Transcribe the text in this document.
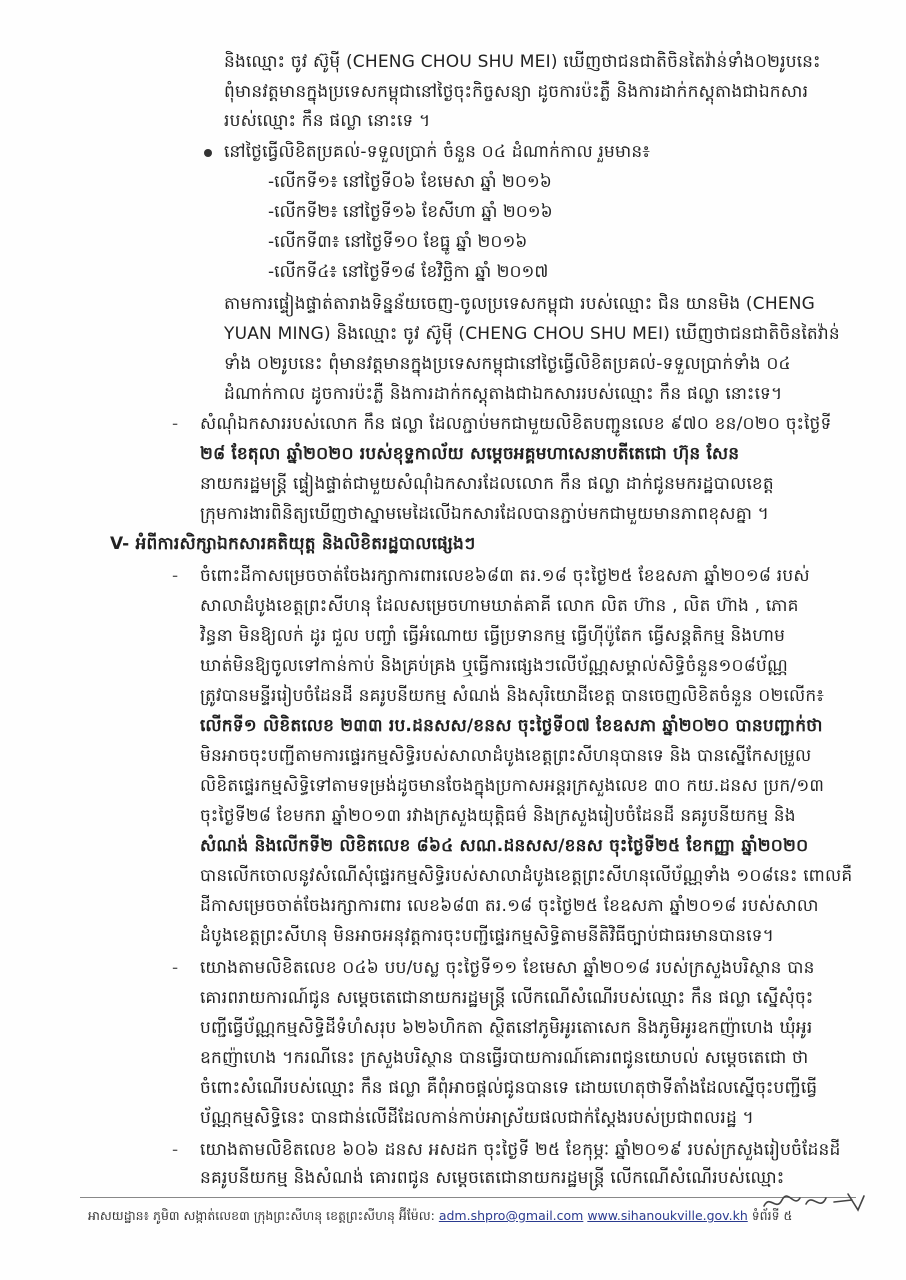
និងឈ្មោះ ចូវ ស៊ូម៉ី (CHENG CHOU SHU MEI) ឃើញថាជនជាតិចិនតៃវ៉ាន់ទាំង០២រូបនេះ
ពុំមានវត្តមានក្នុងប្រទេសកម្ពុជានៅថ្ងៃចុះកិច្ចសន្យា ដូចការប៉ះភ្លឺ និងការដាក់កស្តុតាងជាឯកសារ
របស់ឈ្មោះ កឹន ផល្លា នោះទេ ។
នៅថ្ងៃធ្វើលិខិតប្រគល់-ទទួលប្រាក់ ចំនួន ០៤ ដំណាក់កាល រួមមាន៖
-លើកទី១៖ នៅថ្ងៃទី០៦ ខែមេសា ឆ្នាំ ២០១៦
-លើកទី២៖ នៅថ្ងៃទី១៦ ខែសីហា ឆ្នាំ ២០១៦
-លើកទី៣៖ នៅថ្ងៃទី១០ ខែធ្នូ ឆ្នាំ ២០១៦
-លើកទី៤៖ នៅថ្ងៃទី១៨ ខែវិច្ឆិកា ឆ្នាំ ២០១៧
តាមការផ្ទៀងផ្ទាត់តារាងទិន្នន័យចេញ-ចូលប្រទេសកម្ពុជា របស់ឈ្មោះ ជិន យានមិង (CHENG
YUAN MING) និងឈ្មោះ ចូវ ស៊ូម៉ី (CHENG CHOU SHU MEI) ឃើញថាជនជាតិចិនតៃវ៉ាន់
ទាំង ០២រូបនេះ ពុំមានវត្តមានក្នុងប្រទេសកម្ពុជានៅថ្ងៃធ្វើលិខិតប្រគល់-ទទួលប្រាក់ទាំង ០៤
ដំណាក់កាល ដូចការប៉ះភ្លឺ និងការដាក់កស្តុតាងជាឯកសាររបស់ឈ្មោះ កឹន ផល្លា នោះទេ។
- សំណុំឯកសាររបស់លោក កឹន ផល្លា ដែលភ្ជាប់មកជាមួយលិខិតបញ្ជូនលេខ ៩៧០ ខន/០២០ ចុះថ្ងៃទី
២៨ ខែតុលា ឆ្នាំ២០២០ របស់ខុទ្ទកាល័យ សម្តេចអគ្គមហាសេនាបតីតេជោ ហ៊ុន សែន
នាយករដ្ឋមន្ត្រី ផ្ទៀងផ្ទាត់ជាមួយសំណុំឯកសារដែលលោក កឹន ផល្លា ដាក់ជូនមករដ្ឋបាលខេត្ត
ក្រុមការងារពិនិត្យឃើញថាស្នាមមេដៃលើឯកសារដែលបានភ្ជាប់មកជាមួយមានភាពខុសគ្នា ។
V- អំពីការសិក្សាឯកសារគតិយុត្ត និងលិខិតរដ្ឋបាលផ្សេងៗ
- ចំពោះដីកាសម្រេចចាត់ចែងរក្សាការពារលេខ៦៨៣ តរ.១៨ ចុះថ្ងៃ២៥ ខែឧសភា ឆ្នាំ២០១៨ របស់
សាលាដំបូងខេត្តព្រះសីហនុ ដែលសម្រេចហាមឃាត់គាគី លោក លិត ហ៊ាន , លិត ហ៊ាង , ភោគ
វិន្ធនា មិនឱ្យលក់ ដូរ ជួល បញ្ចាំ ធ្វើអំណោយ ធ្វើប្រទានកម្ម ធ្វើហ៊ីប៉ូតែក ធ្វើសន្តតិកម្ម និងហាម
ឃាត់មិនឱ្យចូលទៅកាន់កាប់ និងគ្រប់គ្រង ឬធ្វើការផ្សេងៗលើប័ណ្ណសម្គាល់សិទ្ធិចំនួន១០៨ប័ណ្ណ
ត្រូវបានមន្ទីររៀបចំដែនដី នគរូបនីយកម្ម សំណង់ និងសុរិយោដីខេត្ត បានចេញលិខិតចំនួន ០២លើក៖
លើកទី១ លិខិតលេខ ២៣៣ រប.ដនសស/ខនស ចុះថ្ងៃទី០៧ ខែឧសភា ឆ្នាំ២០២០ បានបញ្ជាក់ថា
មិនអាចចុះបញ្ជីតាមការផ្ទេរកម្មសិទ្ធិរបស់សាលាដំបូងខេត្តព្រះសីហនុបានទេ និង បានស្នើកែសម្រួល
លិខិតផ្ទេរកម្មសិទ្ធិទៅតាមទម្រង់ដូចមានចែងក្នុងប្រកាសអន្តរក្រសួងលេខ ៣០ កយ.ដនស ប្រក/១៣
ចុះថ្ងៃទី២៨ ខែមករា ឆ្នាំ២០១៣ រវាងក្រសួងយុត្តិធម៌ និងក្រសួងរៀបចំដែនដី នគរូបនីយកម្ម និង
សំណង់ និងលើកទី២ លិខិតលេខ ៨៦៤ សណ.ដនសស/ខនស ចុះថ្ងៃទី២៥ ខែកញ្ញា ឆ្នាំ២០២០
បានលើកចោលនូវសំណើសុំផ្ទេរកម្មសិទ្ធិរបស់សាលាដំបូងខេត្តព្រះសីហនុលើប័ណ្ណទាំង ១០៨នេះ ពោលគឺ
ដីកាសម្រេចចាត់ចែងរក្សាការពារ លេខ៦៨៣ តរ.១៨ ចុះថ្ងៃ២៥ ខែឧសភា ឆ្នាំ២០១៨ របស់សាលា
ដំបូងខេត្តព្រះសីហនុ មិនអាចអនុវត្តការចុះបញ្ជីផ្ទេរកម្មសិទ្ធិតាមនីតិវិធីច្បាប់ជាធរមានបានទេ។
- យោងតាមលិខិតលេខ ០៤៦ បប/បស្ល ចុះថ្ងៃទី១១ ខែមេសា ឆ្នាំ២០១៨ របស់ក្រសួងបរិស្ថាន បាន
គោរពរាយការណ៍ជូន សម្តេចតេជោនាយករដ្ឋមន្ត្រី លើកណើសំណើរបស់ឈ្មោះ កឹន ផល្លា ស្នើសុំចុះ
បញ្ជីធ្វើប័ណ្ណកម្មសិទ្ធិដីទំហំសរុប ៦២៦ហិកតា ស្ថិតនៅភូមិអូរតោសេក និងភូមិអូរឧកញ៉ាហេង ឃុំអូរ
ឧកញ៉ាហេង ។ករណីនេះ ក្រសួងបរិស្ថាន បានធ្វើរបាយការណ៍គោរពជូនយោបល់ សម្តេចតេជោ ថា
ចំពោះសំណើរបស់ឈ្មោះ កឹន ផល្លា គឺពុំអាចផ្តល់ជូនបានទេ ដោយហេតុថាទីតាំងដែលស្នើចុះបញ្ជីធ្វើ
ប័ណ្ណកម្មសិទ្ធិនេះ បានជាន់លើដីដែលកាន់កាប់អាស្រ័យផលជាក់ស្តែងរបស់ប្រជាពលរដ្ឋ ។
- យោងតាមលិខិតលេខ ៦០៦ ដនស អសដក ចុះថ្ងៃទី ២៥ ខែកុម្ភៈ ឆ្នាំ២០១៩ របស់ក្រសួងរៀបចំដែនដី
នគរូបនីយកម្ម និងសំណង់ គោរពជូន សម្តេចតេជោនាយករដ្ឋមន្ត្រី លើកណើសំណើរបស់ឈ្មោះ
អាសយដ្ឋាន៖ ភូមិ៣ សង្កាត់លេខ៣ ក្រុងព្រះសីហនុ ខេត្តព្រះសីហនុ អ៊ីម៉ែល: adm.shpro@gmail.com www.sihanoukville.gov.kh ទំព័រទី ៥
